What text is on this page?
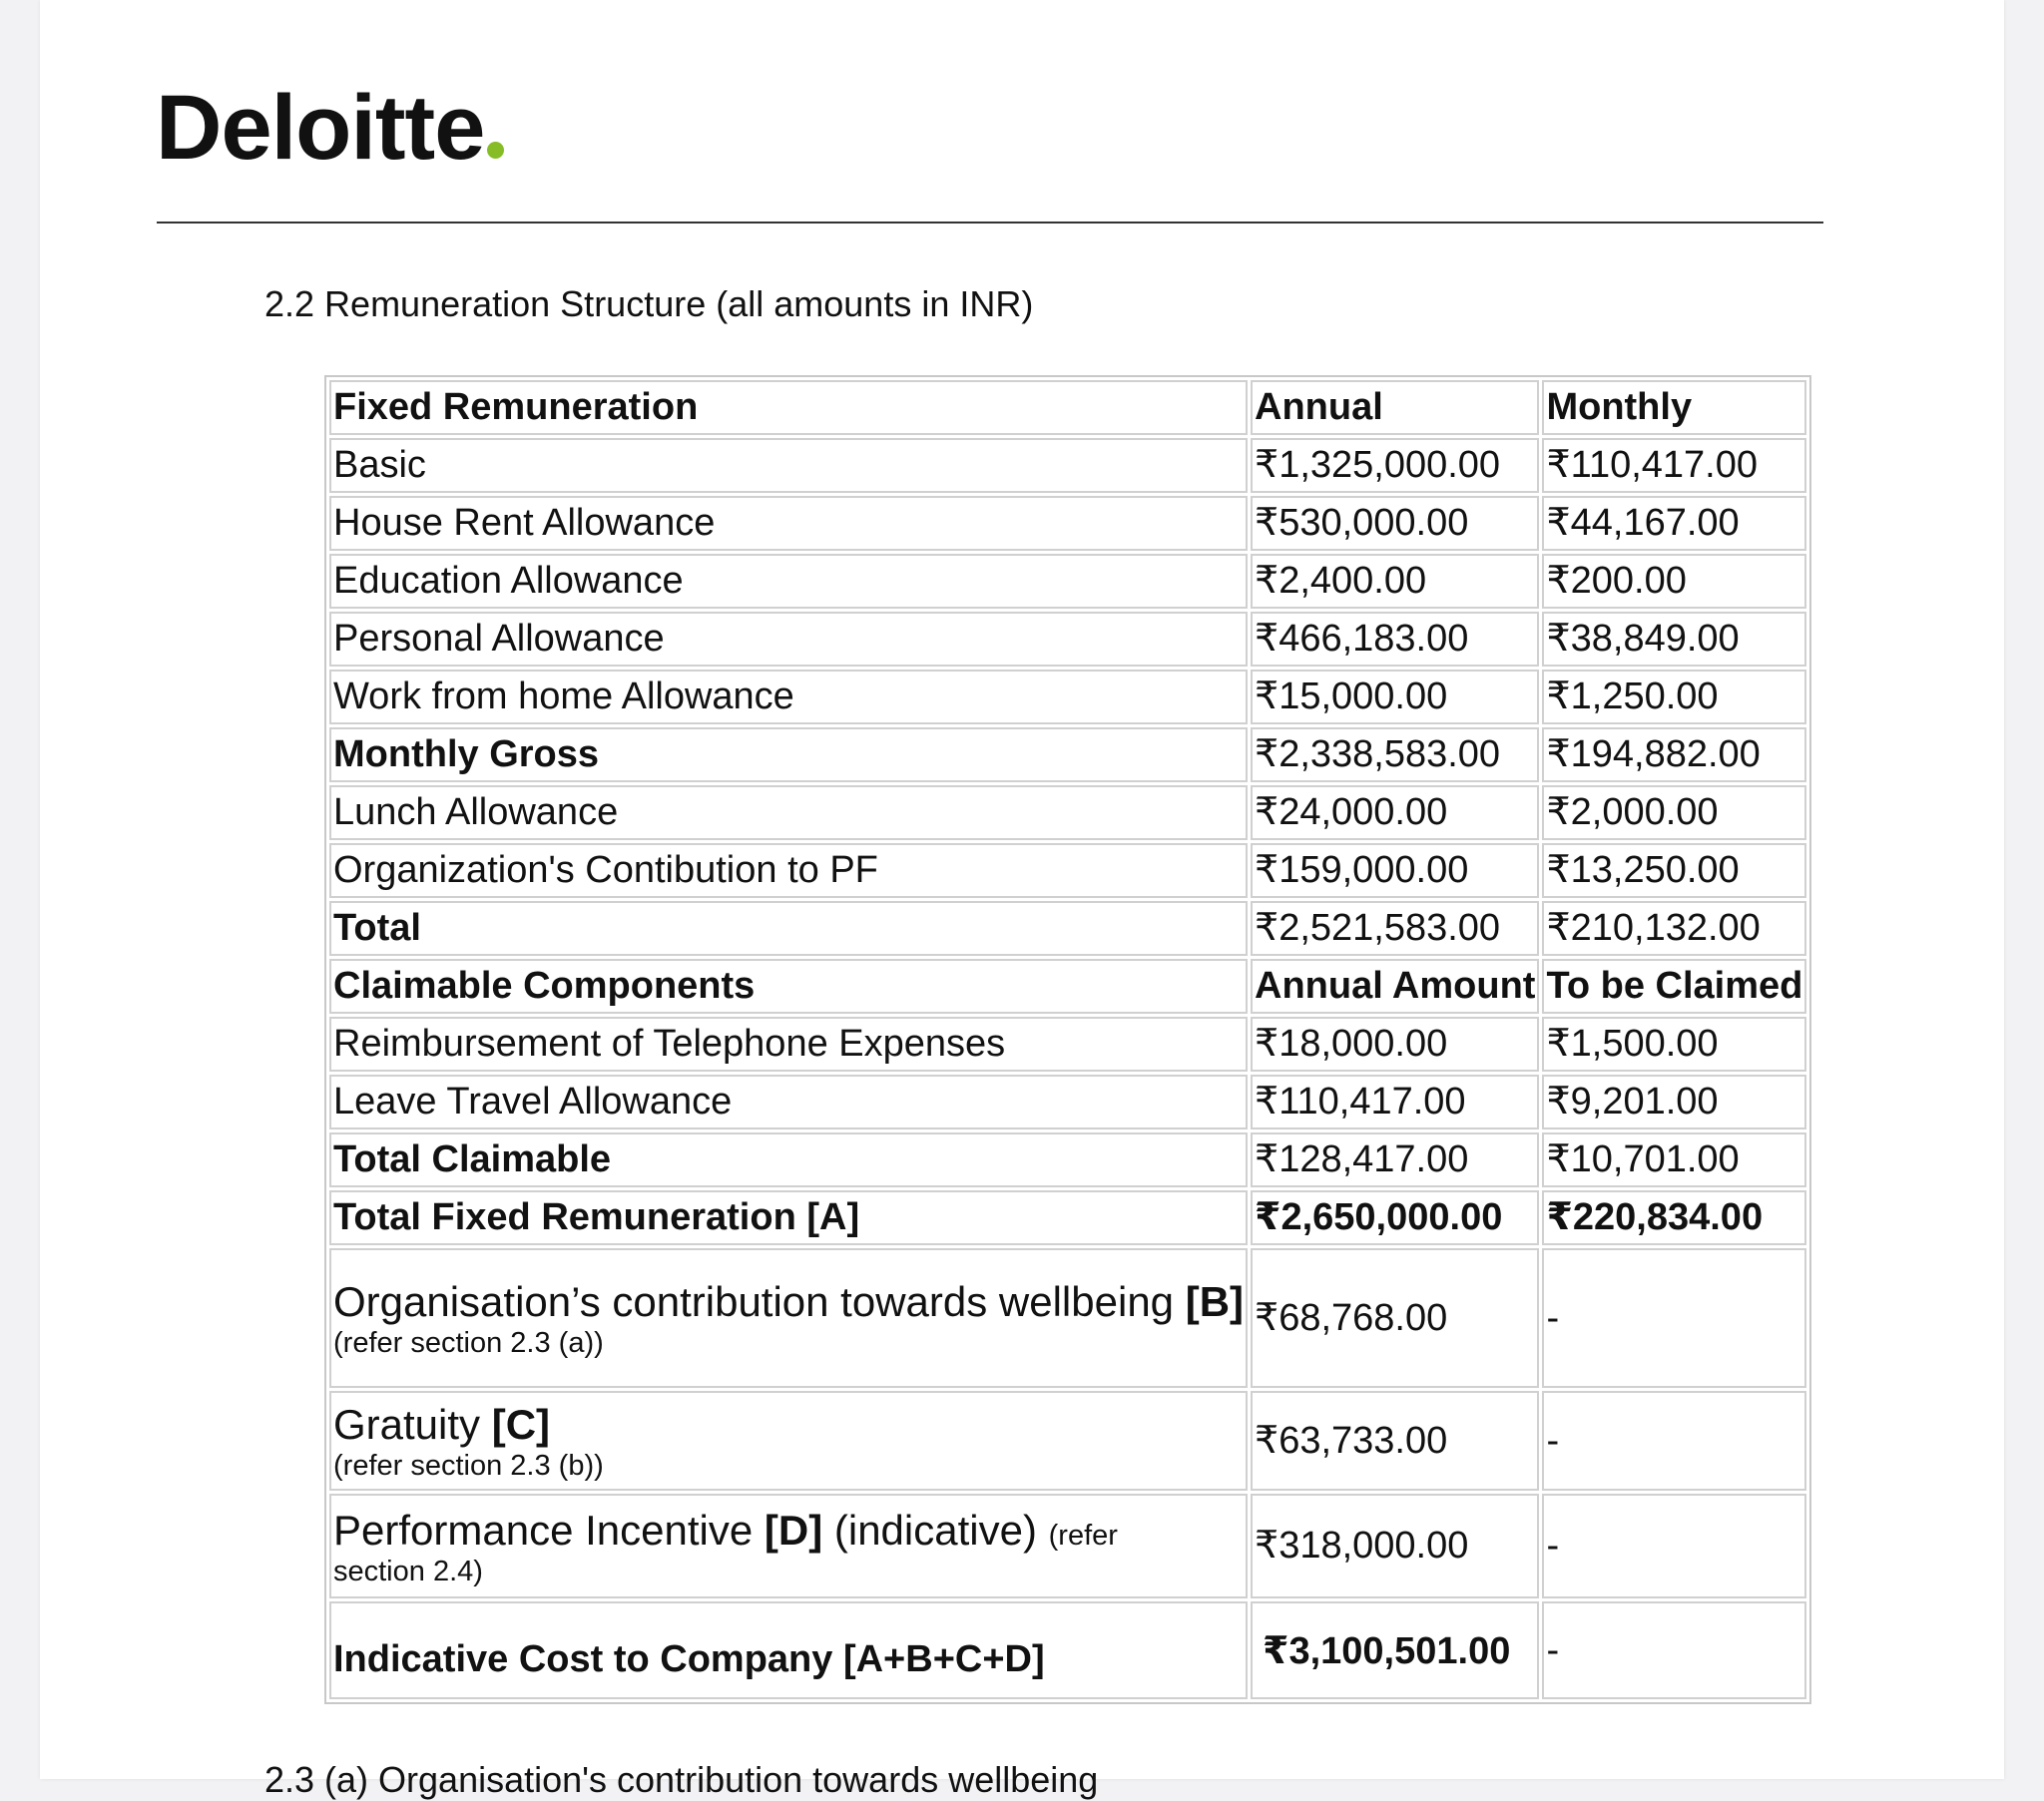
Deloitte
2.2 Remuneration Structure (all amounts in INR)
Fixed Remuneration	Annual	Monthly
Basic	₹1,325,000.00	₹110,417.00
House Rent Allowance	₹530,000.00	₹44,167.00
Education Allowance	₹2,400.00	₹200.00
Personal Allowance	₹466,183.00	₹38,849.00
Work from home Allowance	₹15,000.00	₹1,250.00
Monthly Gross	₹2,338,583.00	₹194,882.00
Lunch Allowance	₹24,000.00	₹2,000.00
Organization's Contibution to PF	₹159,000.00	₹13,250.00
Total	₹2,521,583.00	₹210,132.00
Claimable Components	Annual Amount	To be Claimed
Reimbursement of Telephone Expenses	₹18,000.00	₹1,500.00
Leave Travel Allowance	₹110,417.00	₹9,201.00
Total Claimable	₹128,417.00	₹10,701.00
Total Fixed Remuneration [A]	₹2,650,000.00	₹220,834.00

Organisation’s contribution towards wellbeing [B]
(refer section 2.3 (a))	₹68,768.00	-

Gratuity [C]
(refer section 2.3 (b))	₹63,733.00	-

Performance Incentive [D] (indicative) (refer
section 2.4)	₹318,000.00	-
Indicative Cost to Company [A+B+C+D]	₹3,100,501.00	-
2.3 (a) Organisation's contribution towards wellbeing
